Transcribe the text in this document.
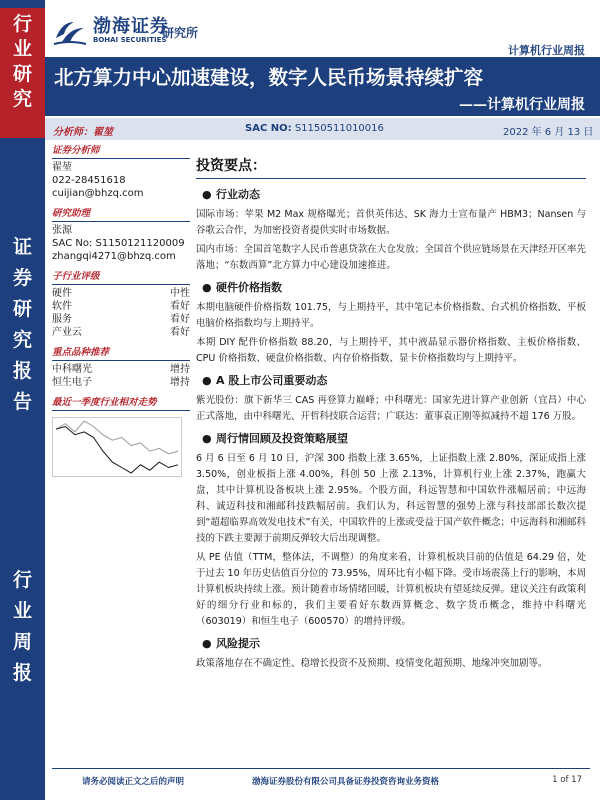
行
业
研
究
证
券
研
究
报
告
行
业
周
报
渤海证券
BOHAI SECURITIES
研究所
计算机行业周报
北方算力中心加速建设，数字人民币场景持续扩容
——计算机行业周报
分析师：翟堃	SAC NO: S1150511010016	2022 年 6 月 13 日
证券分析师
翟堃
022-28451618
cuijian@bhzq.com
研究助理
张源
SAC No: S1150121120009
zhangqi4271@bhzq.com
子行业评级
硬件	中性
软件	看好
服务	看好
产业云	看好
重点品种推荐
中科曙光	增持
恒生电子	增持
最近一季度行业相对走势
投资要点：
● 行业动态

国际市场：苹果 M2 Max 规格曝光；首供英伟达、SK 海力士宣布量产 HBM3；Nansen 与谷歌云合作，为加密投资者提供实时市场数据。

国内市场：全国首笔数字人民币普惠贷款在大仓发放；全国首个供应链场景在天津经开区率先落地；“东数西算”北方算力中心建设加速推进。

● 硬件价格指数

本期电脑硬件价格指数 101.75，与上期持平，其中笔记本价格指数、台式机价格指数、平板电脑价格指数均与上期持平。

本期 DIY 配件价格指数 88.20，与上期持平，其中液晶显示器价格指数、主板价格指数、CPU 价格指数、硬盘价格指数、内存价格指数、显卡价格指数均与上期持平。

● A 股上市公司重要动态

紫光股份：旗下新华三 CAS 再登算力巅峰；中科曙光：国家先进计算产业创新（宜昌）中心正式落地，由中科曙光、开哲科技联合运营；广联达：董事袁正刚等拟减持不超 176 万股。

● 周行情回顾及投资策略展望

6 月 6 日至 6 月 10 日，沪深 300 指数上涨 3.65%，上证指数上涨 2.80%，深证成指上涨 3.50%，创业板指上涨 4.00%，科创 50 上涨 2.13%，计算机行业上涨 2.37%，跑赢大盘，其中计算机设备板块上涨 2.95%。个股方面，科远智慧和中国软件涨幅居前；中远海科、诚迈科技和湘邮科技跌幅居前。我们认为，科远智慧的强势上涨与科技部部长数次提到“超超临界高效发电技术”有关，中国软件的上涨或受益于国产软件概念；中远海科和湘邮科技的下跌主要源于前期反弹较大后出现调整。

从 PE 估值（TTM，整体法，不调整）的角度来看，计算机板块目前的估值是 64.29 倍，处于过去 10 年历史估值百分位的 73.95%，周环比有小幅下降。受市场震荡上行的影响，本周计算机板块持续上涨。预计随着市场情绪回暖，计算机板块有望延续反弹。建议关注有政策利好的细分行业和标的，我们主要看好东数西算概念、数字货币概念，维持中科曙光（603019）和恒生电子（600570）的增持评级。

● 风险提示

政策落地存在不确定性、稳增长投资不及预期、疫情变化超预期、地缘冲突加剧等。

请务必阅读正文之后的声明	渤海证券股份有限公司具备证券投资咨询业务资格	1 of 17
